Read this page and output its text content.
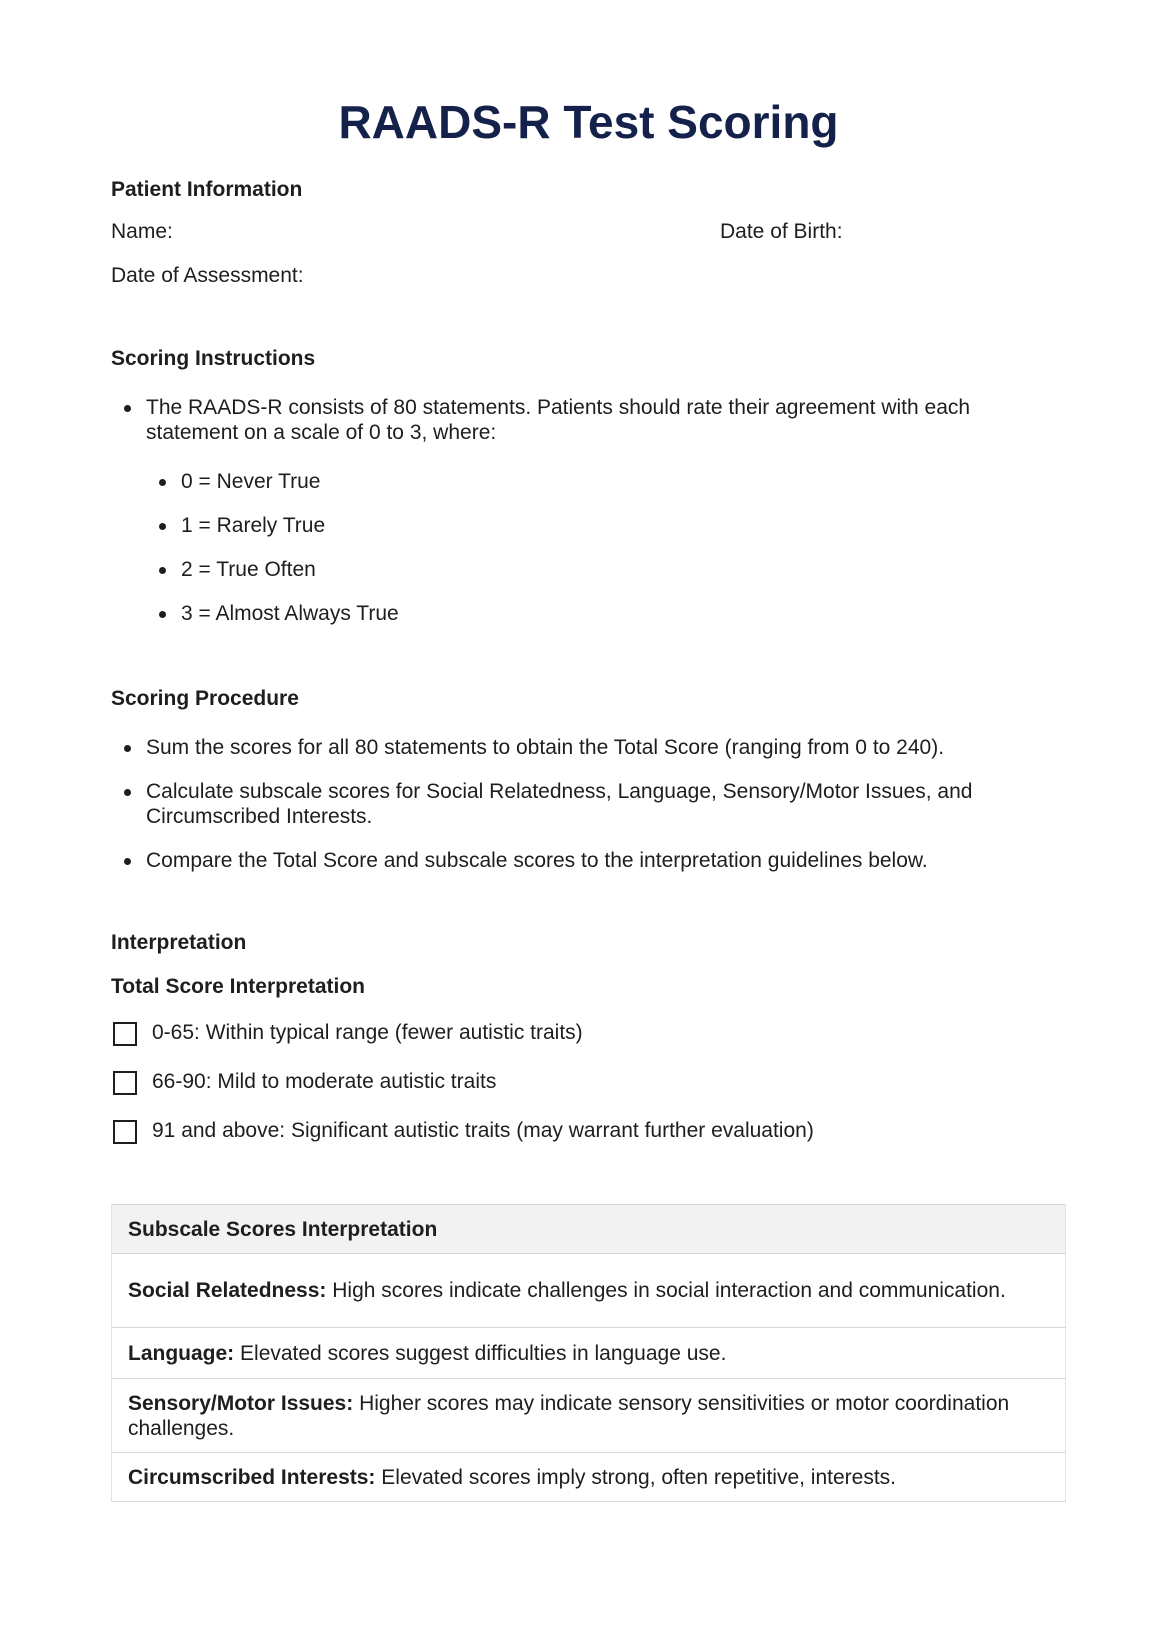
RAADS-R Test Scoring
Patient Information
Name:	Date of Birth:
Date of Assessment:
Scoring Instructions
The RAADS-R consists of 80 statements. Patients should rate their agreement with each statement on a scale of 0 to 3, where:
0 = Never True
1 = Rarely True
2 = True Often
3 = Almost Always True
Scoring Procedure
Sum the scores for all 80 statements to obtain the Total Score (ranging from 0 to 240).
Calculate subscale scores for Social Relatedness, Language, Sensory/Motor Issues, and Circumscribed Interests.
Compare the Total Score and subscale scores to the interpretation guidelines below.
Interpretation
Total Score Interpretation
0-65: Within typical range (fewer autistic traits)
66-90: Mild to moderate autistic traits
91 and above: Significant autistic traits (may warrant further evaluation)
Subscale Scores Interpretation
Social Relatedness: High scores indicate challenges in social interaction and communication.
Language: Elevated scores suggest difficulties in language use.
Sensory/Motor Issues: Higher scores may indicate sensory sensitivities or motor coordination challenges.
Circumscribed Interests: Elevated scores imply strong, often repetitive, interests.
